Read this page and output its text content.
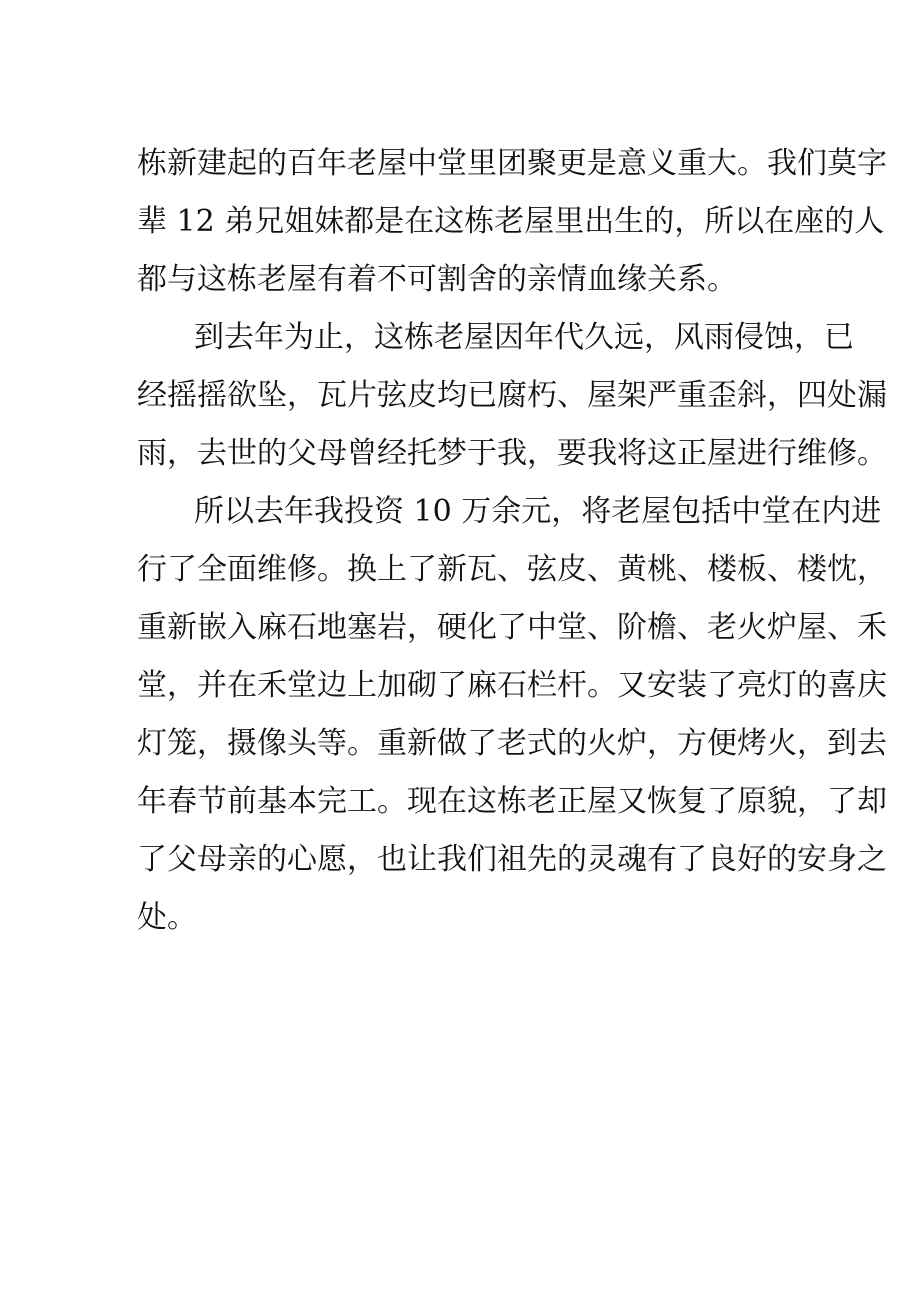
栋新建起的百年老屋中堂里团聚更是意义重大。我们莫字
辈 12 弟兄姐妹都是在这栋老屋里出生的，所以在座的人
都与这栋老屋有着不可割舍的亲情血缘关系。
到去年为止，这栋老屋因年代久远，风雨侵蚀，已
经摇摇欲坠，瓦片弦皮均已腐朽、屋架严重歪斜，四处漏
雨，去世的父母曾经托梦于我，要我将这正屋进行维修。
所以去年我投资 10 万余元，将老屋包括中堂在内进
行了全面维修。换上了新瓦、弦皮、黄桃、楼板、楼忱，
重新嵌入麻石地塞岩，硬化了中堂、阶檐、老火炉屋、禾
堂，并在禾堂边上加砌了麻石栏杆。又安装了亮灯的喜庆
灯笼，摄像头等。重新做了老式的火炉，方便烤火，到去
年春节前基本完工。现在这栋老正屋又恢复了原貌，了却
了父母亲的心愿，也让我们祖先的灵魂有了良好的安身之
处。
